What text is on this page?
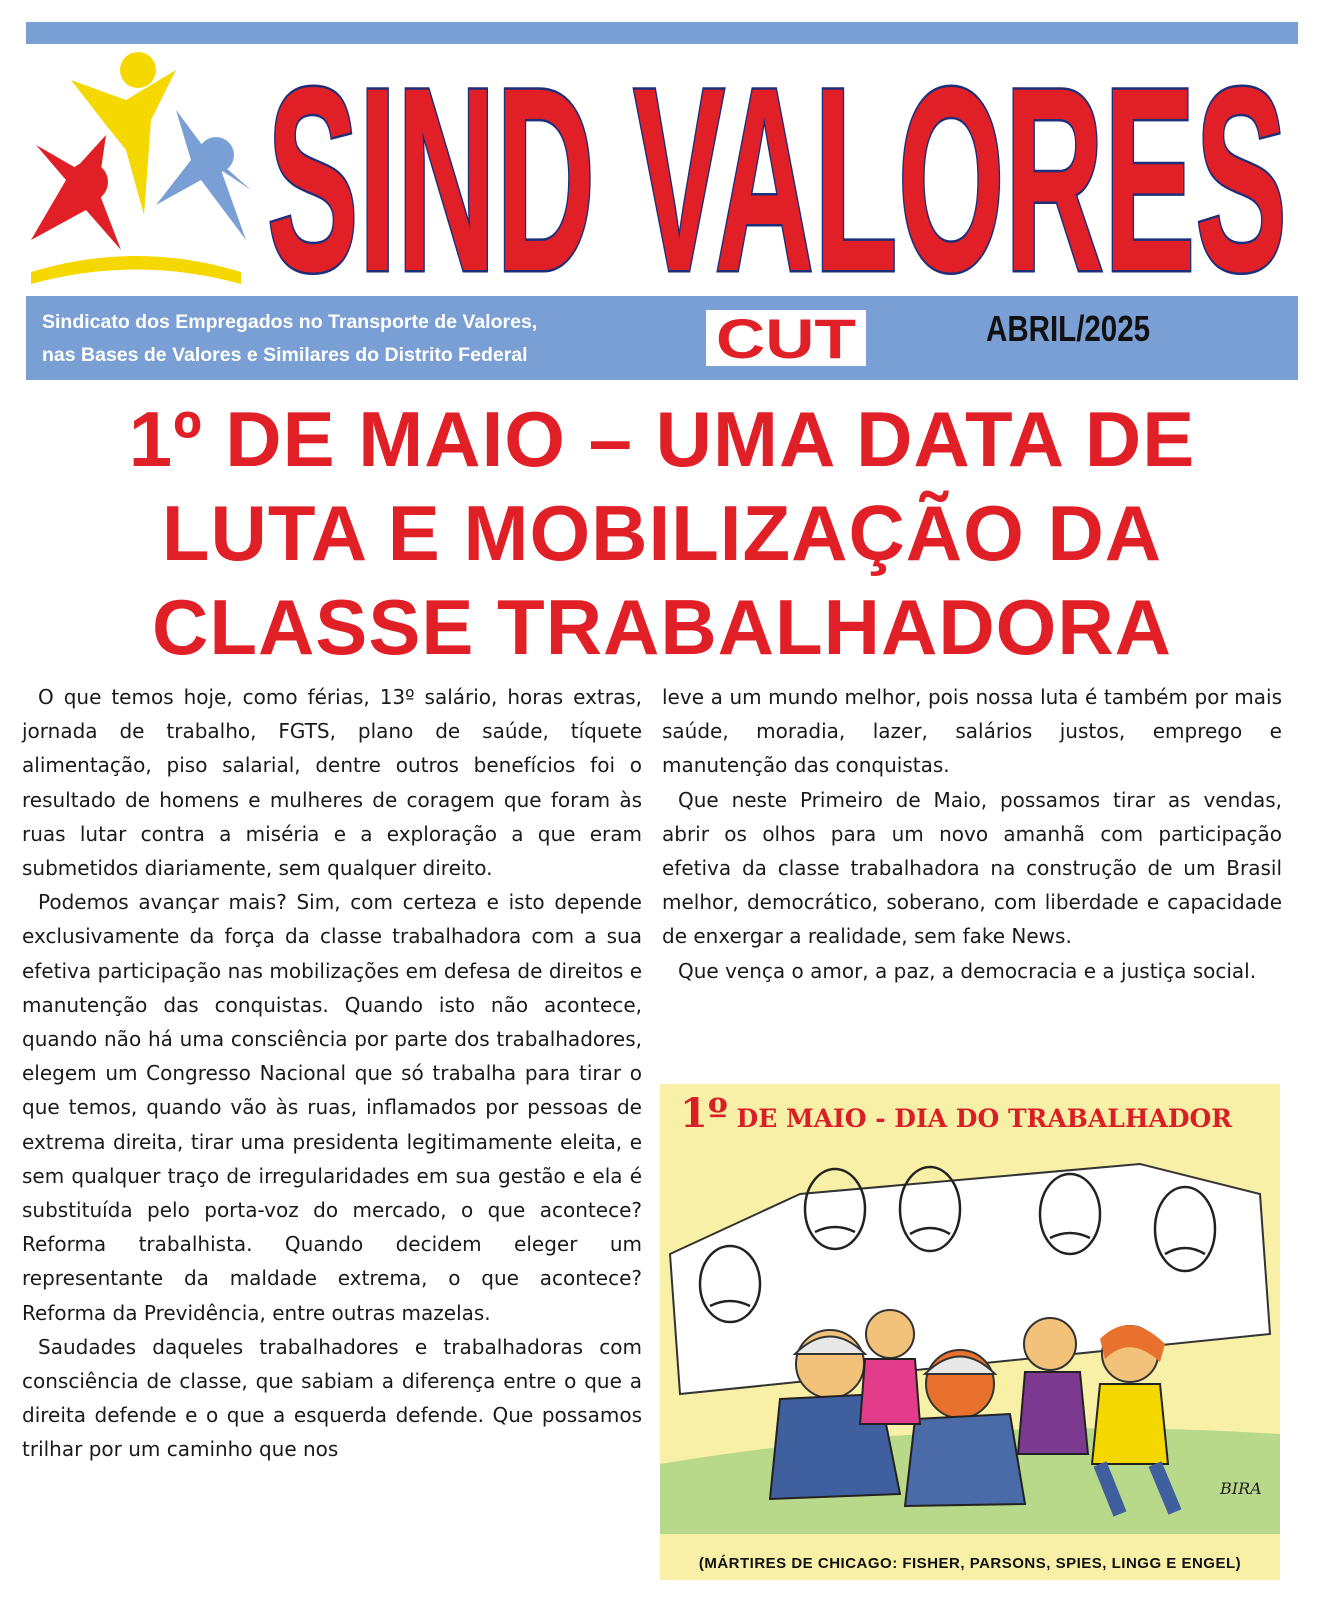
SIND VALORES
Sindicato dos Empregados no Transporte de Valores,
nas Bases de Valores e Similares do Distrito Federal	CUT	ABRIL/2025
1º DE MAIO – UMA DATA DE
LUTA E MOBILIZAÇÃO DA
CLASSE TRABALHADORA

O que temos hoje, como férias, 13º salário, horas extras, jornada de trabalho, FGTS, plano de saúde, tíquete alimentação, piso salarial, dentre outros benefícios foi o resultado de homens e mulheres de coragem que foram às ruas lutar contra a miséria e a exploração a que eram submetidos diariamente, sem qualquer direito.

Podemos avançar mais? Sim, com certeza e isto depende exclusivamente da força da classe trabalhadora com a sua efetiva participação nas mobilizações em defesa de direitos e manutenção das conquistas. Quando isto não acontece, quando não há uma consciência por parte dos trabalhadores, elegem um Congresso Nacional que só trabalha para tirar o que temos, quando vão às ruas, inflamados por pessoas de extrema direita, tirar uma presidenta legitimamente eleita, e sem qualquer traço de irregularidades em sua gestão e ela é substituída pelo porta-voz do mercado, o que acontece? Reforma trabalhista. Quando decidem eleger um representante da maldade extrema, o que acontece? Reforma da Previdência, entre outras mazelas.

Saudades daqueles trabalhadores e trabalhadoras com consciência de classe, que sabiam a diferença entre o que a direita defende e o que a esquerda defende. Que possamos trilhar por um caminho que nos

leve a um mundo melhor, pois nossa luta é também por mais saúde, moradia, lazer, salários justos, emprego e manutenção das conquistas.

Que neste Primeiro de Maio, possamos tirar as vendas, abrir os olhos para um novo amanhã com participação efetiva da classe trabalhadora na construção de um Brasil melhor, democrático, soberano, com liberdade e capacidade de enxergar a realidade, sem fake News.

Que vença o amor, a paz, a democracia e a justiça social.

1º DE MAIO - DIA DO TRABALHADOR
BIRA
(MÁRTIRES DE CHICAGO: FISHER, PARSONS, SPIES, LINGG E ENGEL)
